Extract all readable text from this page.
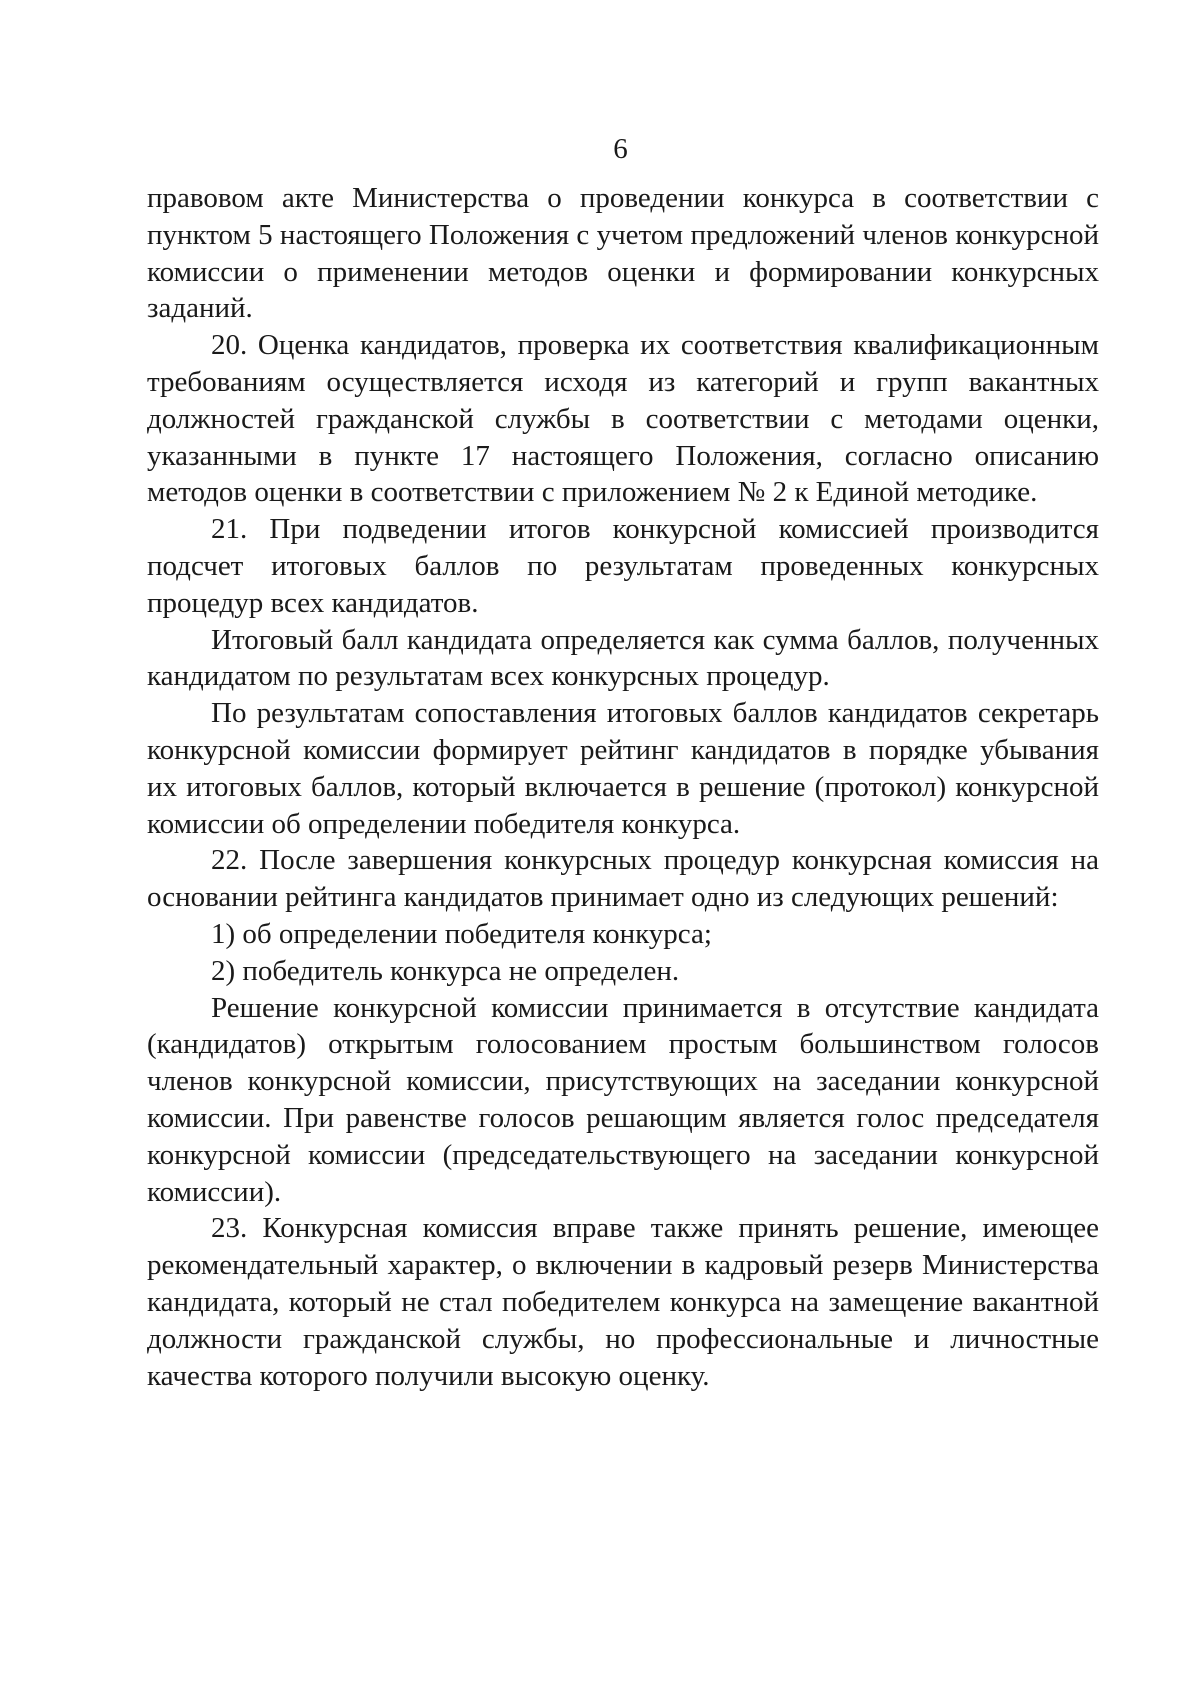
6

правовом акте Министерства о проведении конкурса в соответствии с пунктом 5 настоящего Положения с учетом предложений членов конкурсной комиссии о применении методов оценки и формировании конкурсных заданий.

20. Оценка кандидатов, проверка их соответствия квалификационным требованиям осуществляется исходя из категорий и групп вакантных должностей гражданской службы в соответствии с методами оценки, указанными в пункте 17 настоящего Положения, согласно описанию методов оценки в соответствии с приложением № 2 к Единой методике.

21. При подведении итогов конкурсной комиссией производится подсчет итоговых баллов по результатам проведенных конкурсных процедур всех кандидатов.

Итоговый балл кандидата определяется как сумма баллов, полученных кандидатом по результатам всех конкурсных процедур.

По результатам сопоставления итоговых баллов кандидатов секретарь конкурсной комиссии формирует рейтинг кандидатов в порядке убывания их итоговых баллов, который включается в решение (протокол) конкурсной комиссии об определении победителя конкурса.

22. После завершения конкурсных процедур конкурсная комиссия на основании рейтинга кандидатов принимает одно из следующих решений:

1) об определении победителя конкурса;

2) победитель конкурса не определен.

Решение конкурсной комиссии принимается в отсутствие кандидата (кандидатов) открытым голосованием простым большинством голосов членов конкурсной комиссии, присутствующих на заседании конкурсной комиссии. При равенстве голосов решающим является голос председателя конкурсной комиссии (председательствующего на заседании конкурсной комиссии).

23. Конкурсная комиссия вправе также принять решение, имеющее рекомендательный характер, о включении в кадровый резерв Министерства кандидата, который не стал победителем конкурса на замещение вакантной должности гражданской службы, но профессиональные и личностные качества которого получили высокую оценку.
